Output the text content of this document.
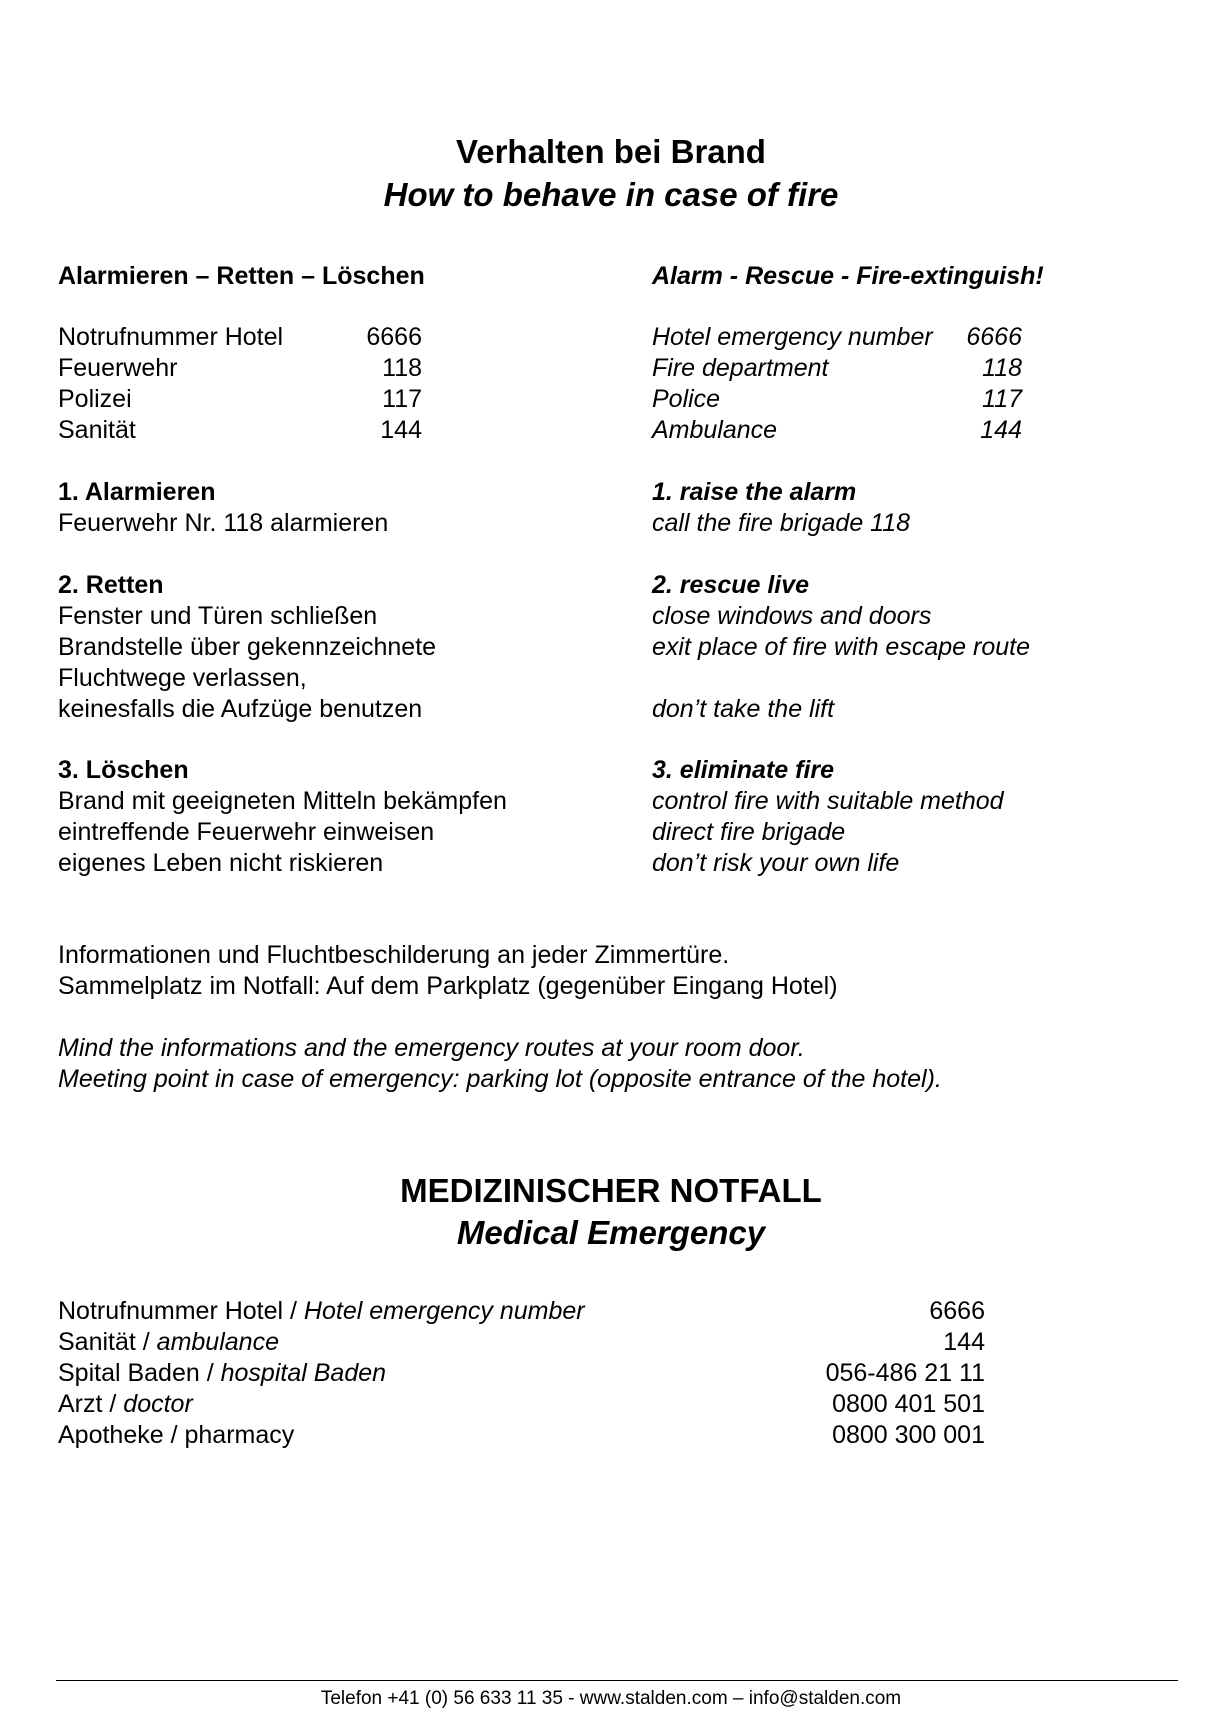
Verhalten bei Brand
How to behave in case of fire
Alarmieren – Retten – Löschen	Alarm - Rescue - Fire-extinguish!
Notrufnummer Hotel	6666
Feuerwehr	118
Polizei	117
Sanität	144
Hotel emergency number 6666
Fire department	118
Police	117
Ambulance	144
1. Alarmieren
Feuerwehr Nr. 118 alarmieren
1. raise the alarm
call the fire brigade 118
2. Retten
Fenster und Türen schließen
Brandstelle über gekennzeichnete
Fluchtwege verlassen,
keinesfalls die Aufzüge benutzen
2. rescue live
close windows and doors
exit place of fire with escape route
don’t take the lift
3. Löschen
Brand mit geeigneten Mitteln bekämpfen
eintreffende Feuerwehr einweisen
eigenes Leben nicht riskieren
3. eliminate fire
control fire with suitable method
direct fire brigade
don’t risk your own life
Informationen und Fluchtbeschilderung an jeder Zimmertüre.
Sammelplatz im Notfall: Auf dem Parkplatz (gegenüber Eingang Hotel)
Mind the informations and the emergency routes at your room door.
Meeting point in case of emergency: parking lot (opposite entrance of the hotel).
MEDIZINISCHER NOTFALL
Medical Emergency
Notrufnummer Hotel / Hotel emergency number	6666
Sanität / ambulance	144
Spital Baden / hospital Baden	056-486 21 11
Arzt / doctor	0800 401 501
Apotheke / pharmacy	0800 300 001
Telefon +41 (0) 56 633 11 35 - www.stalden.com – info@stalden.com
